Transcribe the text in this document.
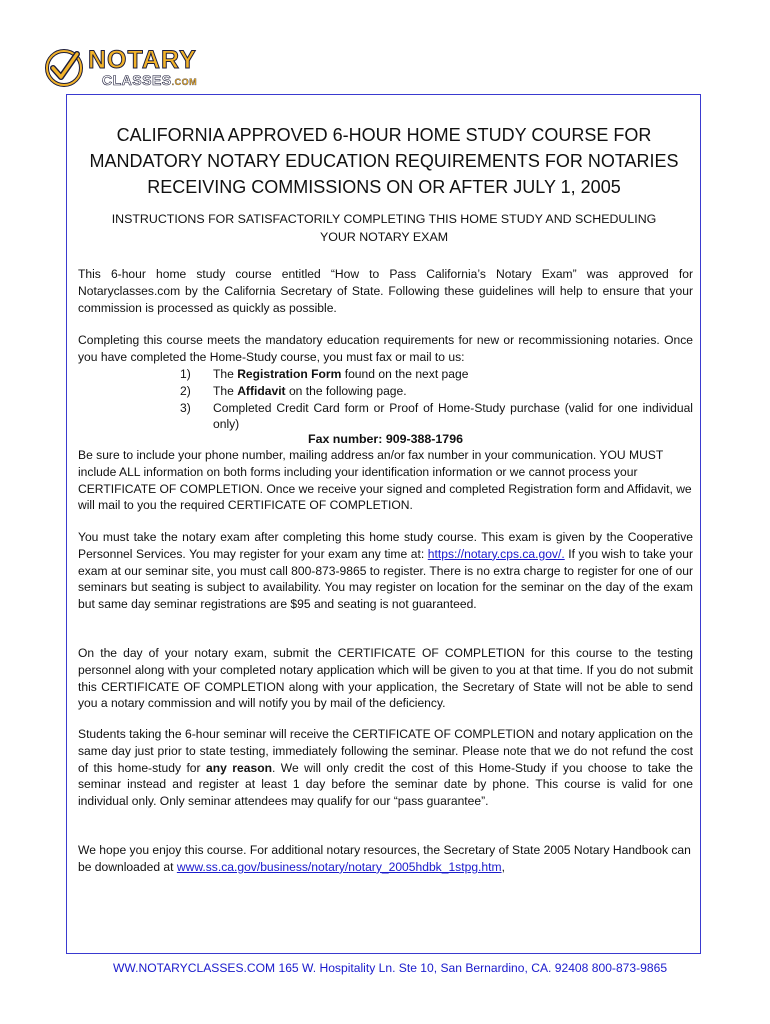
NOTARY
CLASSES.COM
CALIFORNIA APPROVED 6-HOUR HOME STUDY COURSE FOR MANDATORY NOTARY EDUCATION REQUIREMENTS FOR NOTARIES RECEIVING COMMISSIONS ON OR AFTER JULY 1, 2005
INSTRUCTIONS FOR SATISFACTORILY COMPLETING THIS HOME STUDY AND SCHEDULING YOUR NOTARY EXAM

This 6-hour home study course entitled “How to Pass California’s Notary Exam” was approved for Notaryclasses.com by the California Secretary of State. Following these guidelines will help to ensure that your commission is processed as quickly as possible.

Completing this course meets the mandatory education requirements for new or recommissioning notaries. Once you have completed the Home-Study course, you must fax or mail to us:

1) The Registration Form found on the next page
2) The Affidavit on the following page.
3) Completed Credit Card form or Proof of Home-Study purchase (valid for one individual only)
Fax number: 909-388-1796

Be sure to include your phone number, mailing address an/or fax number in your communication. YOU MUST include ALL information on both forms including your identification information or we cannot process your CERTIFICATE OF COMPLETION. Once we receive your signed and completed Registration form and Affidavit, we will mail to you the required CERTIFICATE OF COMPLETION.

You must take the notary exam after completing this home study course. This exam is given by the Cooperative Personnel Services. You may register for your exam any time at: https://notary.cps.ca.gov/. If you wish to take your exam at our seminar site, you must call 800-873-9865 to register. There is no extra charge to register for one of our seminars but seating is subject to availability. You may register on location for the seminar on the day of the exam but same day seminar registrations are $95 and seating is not guaranteed.

On the day of your notary exam, submit the CERTIFICATE OF COMPLETION for this course to the testing personnel along with your completed notary application which will be given to you at that time. If you do not submit this CERTIFICATE OF COMPLETION along with your application, the Secretary of State will not be able to send you a notary commission and will notify you by mail of the deficiency.

Students taking the 6-hour seminar will receive the CERTIFICATE OF COMPLETION and notary application on the same day just prior to state testing, immediately following the seminar. Please note that we do not refund the cost of this home-study for any reason. We will only credit the cost of this Home-Study if you choose to take the seminar instead and register at least 1 day before the seminar date by phone. This course is valid for one individual only. Only seminar attendees may qualify for our “pass guarantee”.

We hope you enjoy this course. For additional notary resources, the Secretary of State 2005 Notary Handbook can be downloaded at www.ss.ca.gov/business/notary/notary_2005hdbk_1stpg.htm,

WW.NOTARYCLASSES.COM 165 W. Hospitality Ln. Ste 10, San Bernardino, CA. 92408 800-873-9865
